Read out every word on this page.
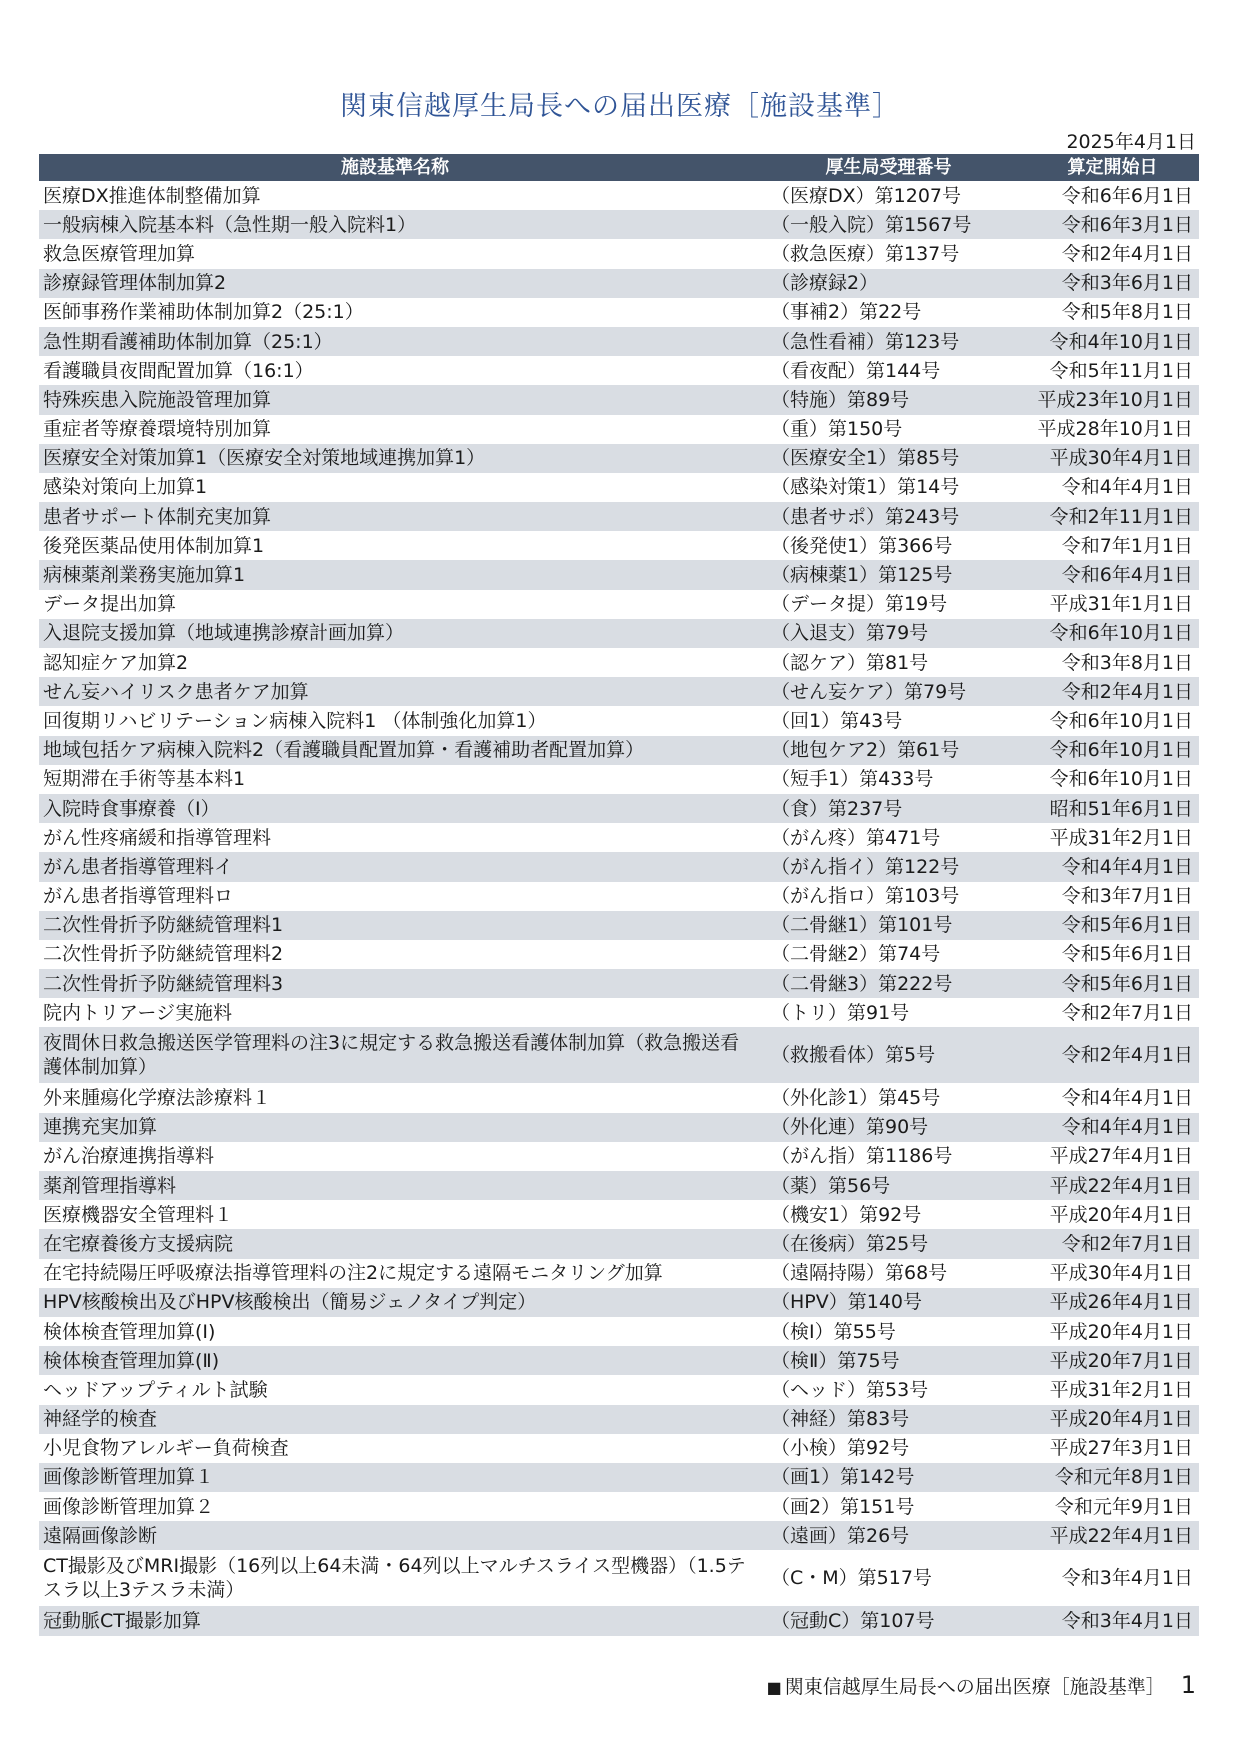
関東信越厚生局長への届出医療［施設基準］
2025年4月1日
施設基準名称	厚生局受理番号	算定開始日
医療DX推進体制整備加算	（医療DX）第1207号	令和6年6月1日
一般病棟入院基本料（急性期一般入院料1）	（一般入院）第1567号	令和6年3月1日
救急医療管理加算	（救急医療）第137号	令和2年4月1日
診療録管理体制加算2	（診療録2）	令和3年6月1日
医師事務作業補助体制加算2（25:1）	（事補2）第22号	令和5年8月1日
急性期看護補助体制加算（25:1）	（急性看補）第123号	令和4年10月1日
看護職員夜間配置加算（16:1）	（看夜配）第144号	令和5年11月1日
特殊疾患入院施設管理加算	（特施）第89号	平成23年10月1日
重症者等療養環境特別加算	（重）第150号	平成28年10月1日
医療安全対策加算1（医療安全対策地域連携加算1）	（医療安全1）第85号	平成30年4月1日
感染対策向上加算1	（感染対策1）第14号	令和4年4月1日
患者サポート体制充実加算	（患者サポ）第243号	令和2年11月1日
後発医薬品使用体制加算1	（後発使1）第366号	令和7年1月1日
病棟薬剤業務実施加算1	（病棟薬1）第125号	令和6年4月1日
データ提出加算	（データ提）第19号	平成31年1月1日
入退院支援加算（地域連携診療計画加算）	（入退支）第79号	令和6年10月1日
認知症ケア加算2	（認ケア）第81号	令和3年8月1日
せん妄ハイリスク患者ケア加算	（せん妄ケア）第79号	令和2年4月1日
回復期リハビリテーション病棟入院料1 （体制強化加算1）	（回1）第43号	令和6年10月1日
地域包括ケア病棟入院料2（看護職員配置加算・看護補助者配置加算）	（地包ケア2）第61号	令和6年10月1日
短期滞在手術等基本料1	（短手1）第433号	令和6年10月1日
入院時食事療養（Ⅰ）	（食）第237号	昭和51年6月1日
がん性疼痛緩和指導管理料	（がん疼）第471号	平成31年2月1日
がん患者指導管理料イ	（がん指イ）第122号	令和4年4月1日
がん患者指導管理料ロ	（がん指ロ）第103号	令和3年7月1日
二次性骨折予防継続管理料1	（二骨継1）第101号	令和5年6月1日
二次性骨折予防継続管理料2	（二骨継2）第74号	令和5年6月1日
二次性骨折予防継続管理料3	（二骨継3）第222号	令和5年6月1日
院内トリアージ実施料	（トリ）第91号	令和2年7月1日
夜間休日救急搬送医学管理料の注3に規定する救急搬送看護体制加算（救急搬送看護体制加算）	（救搬看体）第5号	令和2年4月1日
外来腫瘍化学療法診療料１	（外化診1）第45号	令和4年4月1日
連携充実加算	（外化連）第90号	令和4年4月1日
がん治療連携指導料	（がん指）第1186号	平成27年4月1日
薬剤管理指導料	（薬）第56号	平成22年4月1日
医療機器安全管理料１	（機安1）第92号	平成20年4月1日
在宅療養後方支援病院	（在後病）第25号	令和2年7月1日
在宅持続陽圧呼吸療法指導管理料の注2に規定する遠隔モニタリング加算	（遠隔持陽）第68号	平成30年4月1日
HPV核酸検出及びHPV核酸検出（簡易ジェノタイプ判定）	（HPV）第140号	平成26年4月1日
検体検査管理加算(Ⅰ)	（検Ⅰ）第55号	平成20年4月1日
検体検査管理加算(Ⅱ)	（検Ⅱ）第75号	平成20年7月1日
ヘッドアップティルト試験	（ヘッド）第53号	平成31年2月1日
神経学的検査	（神経）第83号	平成20年4月1日
小児食物アレルギー負荷検査	（小検）第92号	平成27年3月1日
画像診断管理加算１	（画1）第142号	令和元年8月1日
画像診断管理加算２	（画2）第151号	令和元年9月1日
遠隔画像診断	（遠画）第26号	平成22年4月1日
CT撮影及びMRI撮影（16列以上64未満・64列以上マルチスライス型機器）（1.5テスラ以上3テスラ未満）	（C・M）第517号	令和3年4月1日
冠動脈CT撮影加算	（冠動C）第107号	令和3年4月1日
■ 関東信越厚生局長への届出医療［施設基準］ 1
